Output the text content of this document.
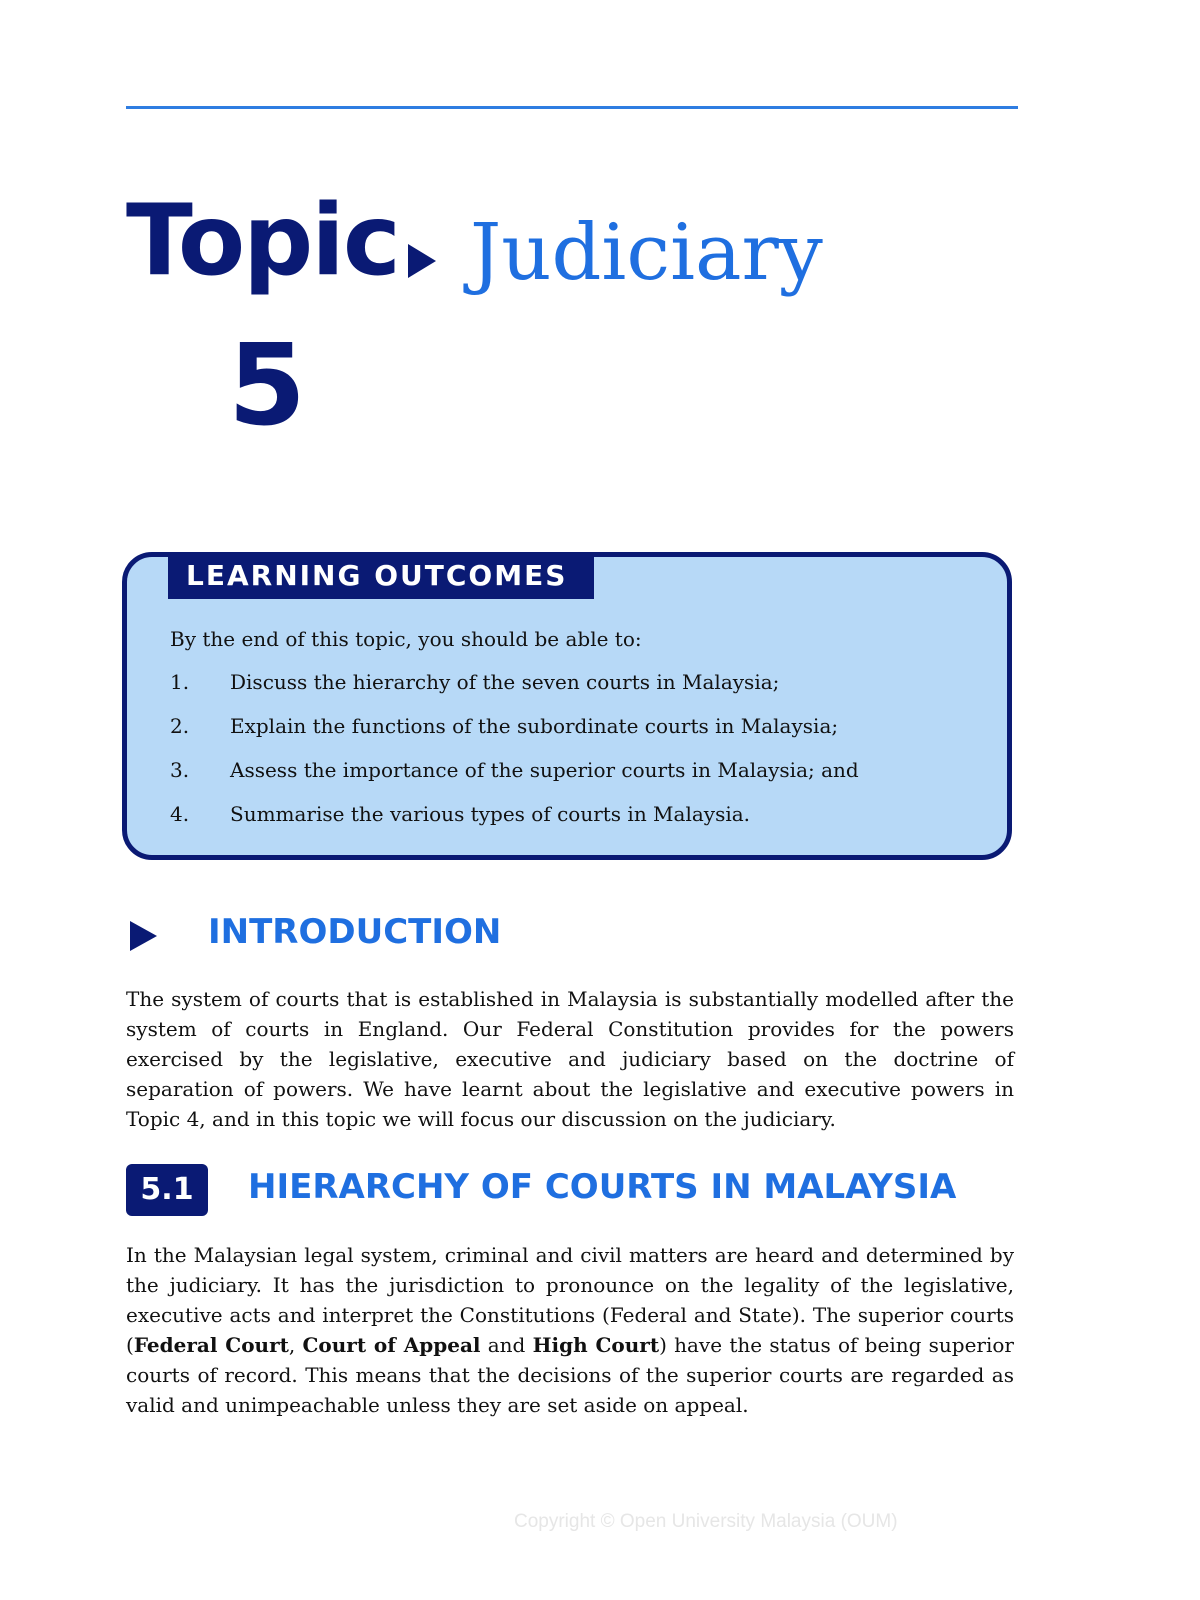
Topic
5
Judiciary
LEARNING OUTCOMES
By the end of this topic, you should be able to:
1. Discuss the hierarchy of the seven courts in Malaysia;
2. Explain the functions of the subordinate courts in Malaysia;
3. Assess the importance of the superior courts in Malaysia; and
4. Summarise the various types of courts in Malaysia.
INTRODUCTION

The system of courts that is established in Malaysia is substantially modelled after the system of courts in England. Our Federal Constitution provides for the powers exercised by the legislative, executive and judiciary based on the doctrine of separation of powers. We have learnt about the legislative and executive powers in Topic 4, and in this topic we will focus our discussion on the judiciary.

5.1	HIERARCHY OF COURTS IN MALAYSIA

In the Malaysian legal system, criminal and civil matters are heard and determined by the judiciary. It has the jurisdiction to pronounce on the legality of the legislative, executive acts and interpret the Constitutions (Federal and State). The superior courts (Federal Court, Court of Appeal and High Court) have the status of being superior courts of record. This means that the decisions of the superior courts are regarded as valid and unimpeachable unless they are set aside on appeal.

Copyright © Open University Malaysia (OUM)
